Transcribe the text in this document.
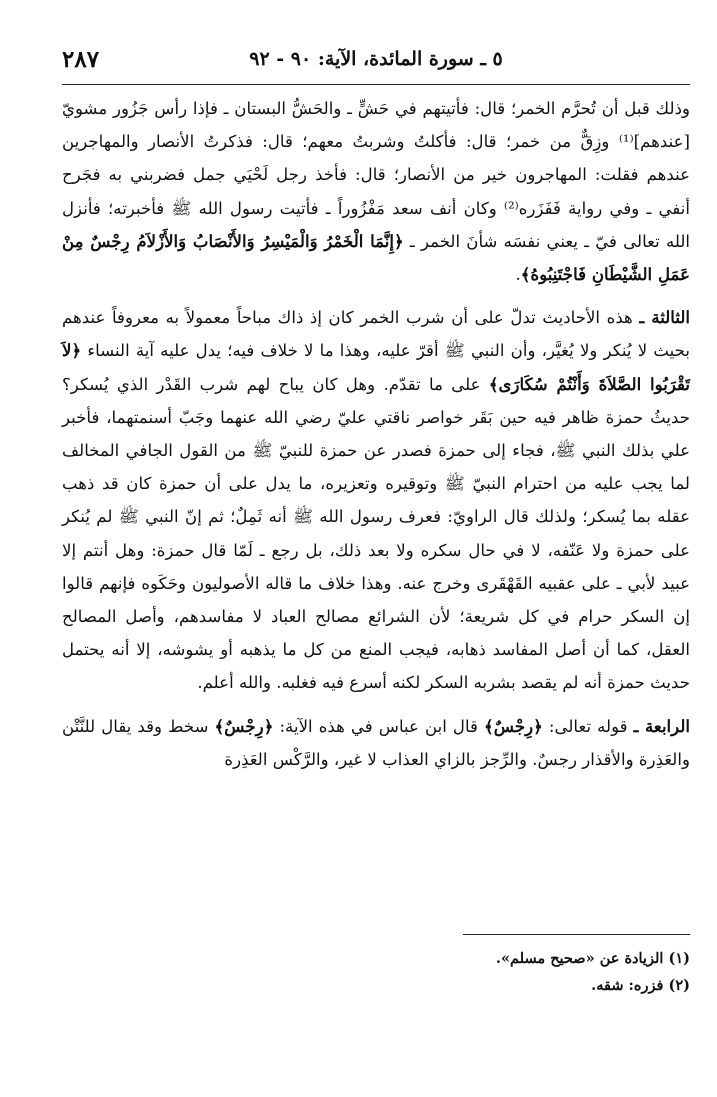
٥ ـ سورة المائدة، الآية: ٩٠ - ٩٢
٢٨٧

وذلك قبل أن تُحرَّم الخمر؛ قال: فأتيتهم في حَشٍّ ـ والحَشُّ البستان ـ فإذا رأس جَزُور مشويّ [عندهم]⁽¹⁾ وزِقٌّ من خمر؛ قال: فأكلتُ وشربتُ معهم؛ قال: فذكرتُ الأنصار والمهاجرين عندهم فقلت: المهاجرون خير من الأنصار؛ قال: فأخذ رجل لَحْيَي جمل فضربني به فجَرح أنفي ـ وفي رواية فَفَزَره⁽²⁾ وكان أنف سعد مَفْزُوراً ـ فأتيت رسول الله ﷺ فأخبرته؛ فأنزل الله تعالى فيّ ـ يعني نفسَه شأنَ الخمر ـ ﴿إِنَّمَا الْخَمْرُ وَالْمَيْسِرُ وَالأَنْصَابُ وَالأَزْلاَمُ رِجْسٌ مِنْ عَمَلِ الشَّيْطَانِ فَاجْتَنِبُوهُ﴾.

الثالثة ـ هذه الأحاديث تدلّ على أن شرب الخمر كان إذ ذاك مباحاً معمولاً به معروفاً عندهم بحيث لا يُنكر ولا يُغيَّر، وأن النبي ﷺ أقرّ عليه، وهذا ما لا خلاف فيه؛ يدل عليه آية النساء ﴿لاَ تَقْرَبُوا الصَّلاَةَ وَأَنْتُمْ سُكَارَى﴾ على ما تقدّم. وهل كان يباح لهم شرب القَدْر الذي يُسكر؟ حديثُ حمزة ظاهر فيه حين بَقَر خواصر ناقتي عليّ رضي الله عنهما وجَبّ أسنمتهما، فأخبر علي بذلك النبي ﷺ، فجاء إلى حمزة فصدر عن حمزة للنبيّ ﷺ من القول الجافي المخالف لما يجب عليه من احترام النبيّ ﷺ وتوقيره وتعزيره، ما يدل على أن حمزة كان قد ذهب عقله بما يُسكر؛ ولذلك قال الراويّ: فعرف رسول الله ﷺ أنه ثَمِلٌ؛ ثم إنّ النبي ﷺ لم يُنكر على حمزة ولا عَنّفه، لا في حال سكره ولا بعد ذلك، بل رجع ـ لَمّا قال حمزة: وهل أنتم إلا عبيد لأبي ـ على عقبيه القَهْقَرى وخرج عنه. وهذا خلاف ما قاله الأصوليون وحَكَوه فإنهم قالوا إن السكر حرام في كل شريعة؛ لأن الشرائع مصالح العباد لا مفاسدهم، وأصل المصالح العقل، كما أن أصل المفاسد ذهابه، فيجب المنع من كل ما يذهبه أو يشوشه، إلا أنه يحتمل حديث حمزة أنه لم يقصد بشربه السكر لكنه أسرع فيه فغلبه. والله أعلم.

الرابعة ـ قوله تعالى: ﴿رِجْسٌ﴾ قال ابن عباس في هذه الآية: ﴿رِجْسٌ﴾ سخط وقد يقال للنَّتْن والعَذِرة والأقذار رجسٌ. والرِّجز بالزاي العذاب لا غير، والرَّكْس العَذِرة

(١) الزيادة عن «صحيح مسلم».
(٢) فزره: شقه.
